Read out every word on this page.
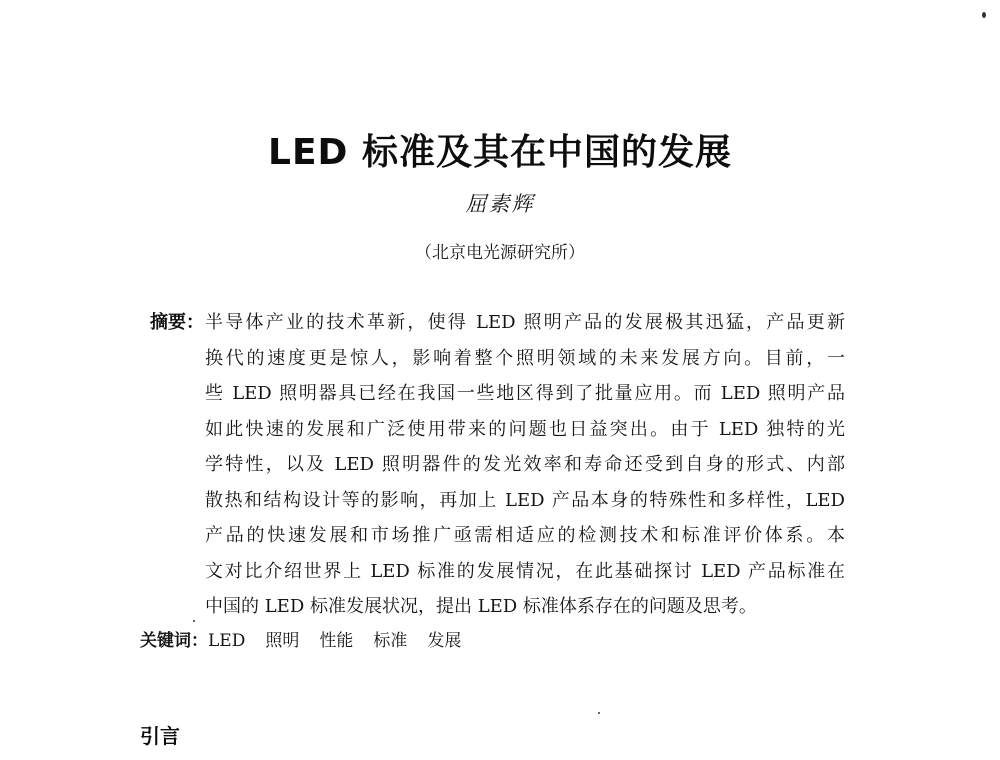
LED 标准及其在中国的发展
屈素辉
（北京电光源研究所）
摘要： 半导体产业的技术革新，使得 LED 照明产品的发展极其迅猛，产品更新
换代的速度更是惊人，影响着整个照明领域的未来发展方向。目前，一
些 LED 照明器具已经在我国一些地区得到了批量应用。而 LED 照明产品
如此快速的发展和广泛使用带来的问题也日益突出。由于 LED 独特的光
学特性，以及 LED 照明器件的发光效率和寿命还受到自身的形式、内部
散热和结构设计等的影响，再加上 LED 产品本身的特殊性和多样性，LED
产品的快速发展和市场推广亟需相适应的检测技术和标准评价体系。本
文对比介绍世界上 LED 标准的发展情况，在此基础探讨 LED 产品标准在
中国的 LED 标准发展状况，提出 LED 标准体系存在的问题及思考。
关键词：LED 照明 性能 标准 发展
引言
